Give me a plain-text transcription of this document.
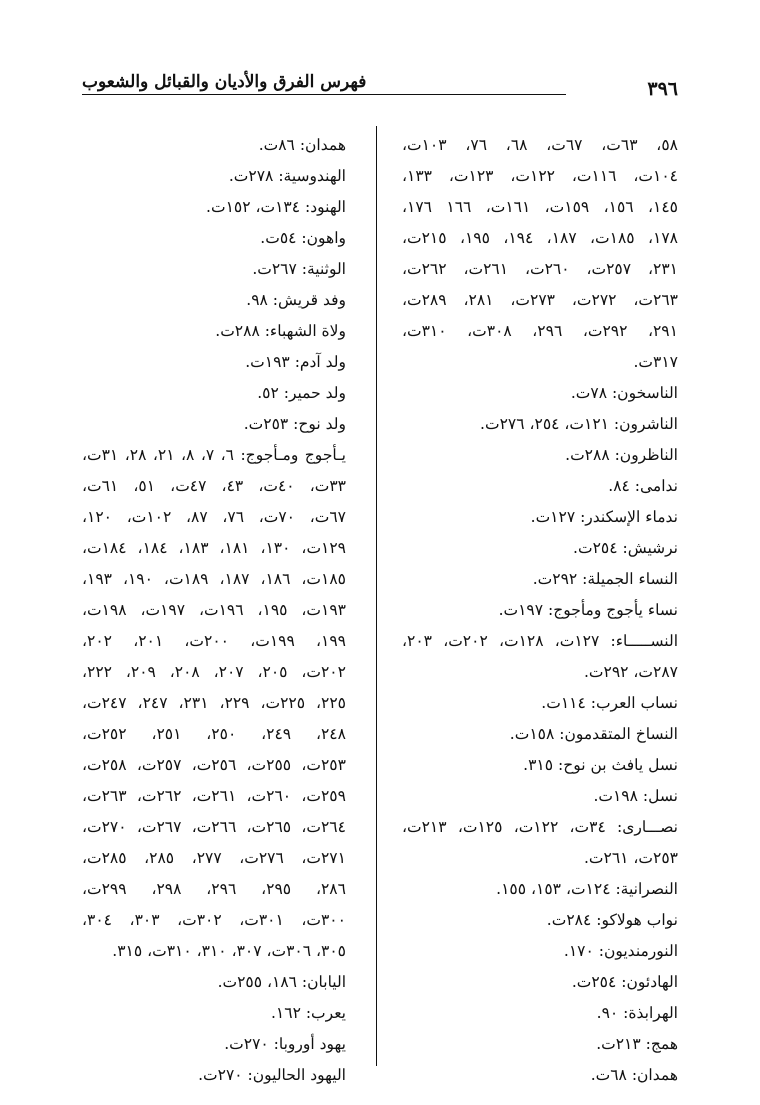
٣٩٦
فهرس الفرق والأديان والقبائل والشعوب
٥٨، ٦٣ت، ٦٧ت، ٦٨، ٧٦، ١٠٣ت،
١٠٤ت، ١١٦ت، ١٢٢ت، ١٢٣ت، ١٣٣،
١٤٥، ١٥٦، ١٥٩ت، ١٦١ت، ١٦٦ ١٧٦،
١٧٨، ١٨٥ت، ١٨٧، ١٩٤، ١٩٥، ٢١٥ت،
٢٣١، ٢٥٧ت، ٢٦٠ت، ٢٦١ت، ٢٦٢ت،
٢٦٣ت، ٢٧٢ت، ٢٧٣ت، ٢٨١، ٢٨٩ت،
٢٩١، ٢٩٢ت، ٢٩٦، ٣٠٨ت، ٣١٠ت،
٣١٧ت.
الناسخون: ٧٨ت.
الناشرون: ١٢١ت، ٢٥٤، ٢٧٦ت.
الناظرون: ٢٨٨ت.
ندامى: ٨٤.
ندماء الإسكندر: ١٢٧ت.
نرشيش: ٢٥٤ت.
النساء الجميلة: ٢٩٢ت.
نساء يأجوج ومأجوج: ١٩٧ت.
النســـــاء: ١٢٧ت، ١٢٨ت، ٢٠٢ت، ٢٠٣،
٢٨٧ت، ٢٩٢ت.
نساب العرب: ١١٤ت.
النساخ المتقدمون: ١٥٨ت.
نسل يافث بن نوح: ٣١٥.
نسل: ١٩٨ت.
نصـــارى: ٣٤ت، ١٢٢ت، ١٢٥ت، ٢١٣ت،
٢٥٣ت، ٢٦١ت.
النصرانية: ١٢٤ت، ١٥٣، ١٥٥.
نواب هولاكو: ٢٨٤ت.
النورمنديون: ١٧٠.
الهادئون: ٢٥٤ت.
الهرابذة: ٩٠.
همج: ٢١٣ت.
همدان: ٦٨ت.
همدان: ٨٦ت.
الهندوسية: ٢٧٨ت.
الهنود: ١٣٤ت، ١٥٢ت.
واهون: ٥٤ت.
الوثنية: ٢٦٧ت.
وفد قريش: ٩٨.
ولاة الشهباء: ٢٨٨ت.
ولد آدم: ١٩٣ت.
ولد حمير: ٥٢.
ولد نوح: ٢٥٣ت.
يـأجوج ومـأجوج: ٦، ٧، ٨، ٢١، ٢٨، ٣١ت،
٣٣ت، ٤٠ت، ٤٣، ٤٧ت، ٥١، ٦١ت،
٦٧ت، ٧٠ت، ٧٦، ٨٧، ١٠٢ت، ١٢٠،
١٢٩ت، ١٣٠، ١٨١، ١٨٣، ١٨٤، ١٨٤ت،
١٨٥ت، ١٨٦، ١٨٧، ١٨٩ت، ١٩٠، ١٩٣،
١٩٣ت، ١٩٥، ١٩٦ت، ١٩٧ت، ١٩٨ت،
١٩٩، ١٩٩ت، ٢٠٠ت، ٢٠١، ٢٠٢،
٢٠٢ت، ٢٠٥، ٢٠٧، ٢٠٨، ٢٠٩، ٢٢٢،
٢٢٥، ٢٢٥ت، ٢٢٩، ٢٣١، ٢٤٧، ٢٤٧ت،
٢٤٨، ٢٤٩، ٢٥٠، ٢٥١، ٢٥٢ت،
٢٥٣ت، ٢٥٥ت، ٢٥٦ت، ٢٥٧ت، ٢٥٨ت،
٢٥٩ت، ٢٦٠ت، ٢٦١ت، ٢٦٢ت، ٢٦٣ت،
٢٦٤ت، ٢٦٥ت، ٢٦٦ت، ٢٦٧ت، ٢٧٠ت،
٢٧١ت، ٢٧٦ت، ٢٧٧، ٢٨٥، ٢٨٥ت،
٢٨٦، ٢٩٥، ٢٩٦، ٢٩٨، ٢٩٩ت،
٣٠٠ت، ٣٠١ت، ٣٠٢ت، ٣٠٣، ٣٠٤،
٣٠٥، ٣٠٦ت، ٣٠٧، ٣١٠، ٣١٠ت، ٣١٥.
اليابان: ١٨٦، ٢٥٥ت.
يعرب: ١٦٢.
يهود أوروبا: ٢٧٠ت.
اليهود الحاليون: ٢٧٠ت.
